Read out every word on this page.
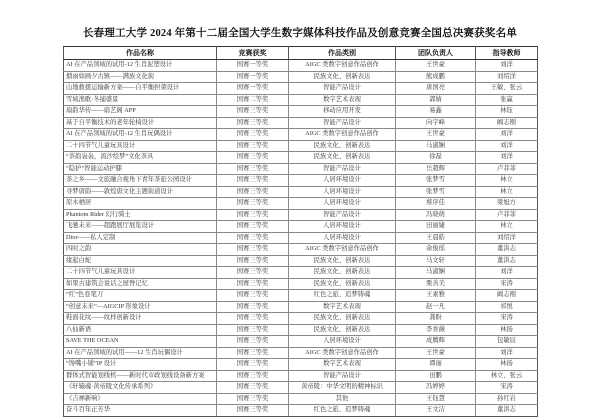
长春理工大学 2024 年第十二届全国大学生数字媒体科技作品及创意竞赛全国总决赛获奖名单
作品名称	竞赛获奖	作品类别	团队负责人	指导教师
AI 在产品领域的试用-12 生肖泥塑设计	国赛一等奖	AIGC 类数字创意作品创作	王世豪	刘洋
烟雨如画夕古镇——满族文化街	国赛一等奖	民族文化、创新表达	熊成鹏	刘绍洋
山地救援运输新方案——自平衡担架设计	国赛一等奖	智能产品设计	唐国亮	王敏、张云
雪域渔歌·冬捕盛景	国赛二等奖	数字艺术表现	郭婧	张赢
扇韵华传——扇艺阁 APP	国赛三等奖	移动应用开发	易鑫	林钰
基于自平衡技术的老年轮椅设计	国赛三等奖	智能产品设计	向宇峰	阚志刚
AI 在产品领域的试用-12 生肖玩偶设计	国赛三等奖	AIGC 类数字创意作品创作	王世豪	刘洋
二十四节气儿童玩具设计	国赛三等奖	民族文化、创新表达	马淑娴	刘洋
“茶韵袅袅，流沙绘梦”文化茶具	国赛三等奖	民族文化、创新表达	徐磊	刘洋
“隐护”智能运动护膝	国赛三等奖	智能产品设计	岳超辉	卢菲菲
茶之乡——文旅融合视角下青年茶旅公园设计	国赛三等奖	人居环境设计	张梦雪	林立
寻梦唐韵——敦煌唐文化主题街道设计	国赛三等奖	人居环境设计	张梦雪	林立
原木栖居	国赛三等奖	人居环境设计	蔡序佳	梁旭方
Phantom Rider 幻行骑士	国赛三等奖	智能产品设计	冯晓萌	卢菲菲
飞驰未来——超跑展厅展览设计	国赛三等奖	人居环境设计	田丽婕	林立
Dior——私人定制	国赛三等奖	人居环境设计	王晨皓	刘绍洋
四时之韵	国赛三等奖	AIGC 类数字创意作品创作	余俊瑶	董洪志
缘起白蛇	国赛三等奖	民族文化、创新表达	马文轩	董洪志
二十四节气儿童玩具设计	国赛三等奖	民族文化、创新表达	马淑娴	刘洋
如果古建筑会说话之屋脊记忆	国赛三等奖	民族文化、创新表达	栗善美	宋涛
“红”色卷笔刀	国赛三等奖	红色之旅、追梦铸魂	王素雅	阚志刚
“创意未来”—AIGCIP 形象设计	国赛三等奖	数字艺术表现	赵一凡	祁悦
鞋面花纹——纹样创新设计	国赛三等奖	民族文化、创新表达	龚盼	宋涛
八仙新语	国赛三等奖	民族文化、创新表达	李育薇	林扬
SAVE THE OCEAN	国赛三等奖	人居环境设计	成腾辉	包敏辰
AI 在产品领域的试用——12 生肖玩偶设计	国赛三等奖	AIGC 类数字创意作品创作	王世豪	刘洋
“馋嘴小铺”IP 设计	国赛三等奖	数字艺术表现	谭丽	林扬
群体式智能划线机——新时代市政划线设备新方案	国赛三等奖	智能产品设计	田鹏	林立、张云
《轩辕魂·黄帝陵文化传承系列》	国赛三等奖	黄帝陵：中华文明的精神标识	冯婷婷	宋涛
《吉禅新响》	国赛三等奖	其他	王钰慧	孙红岩
奋斗百年正芳华	国赛三等奖	红色之旅、追梦铸魂	王文洁	董洪志
